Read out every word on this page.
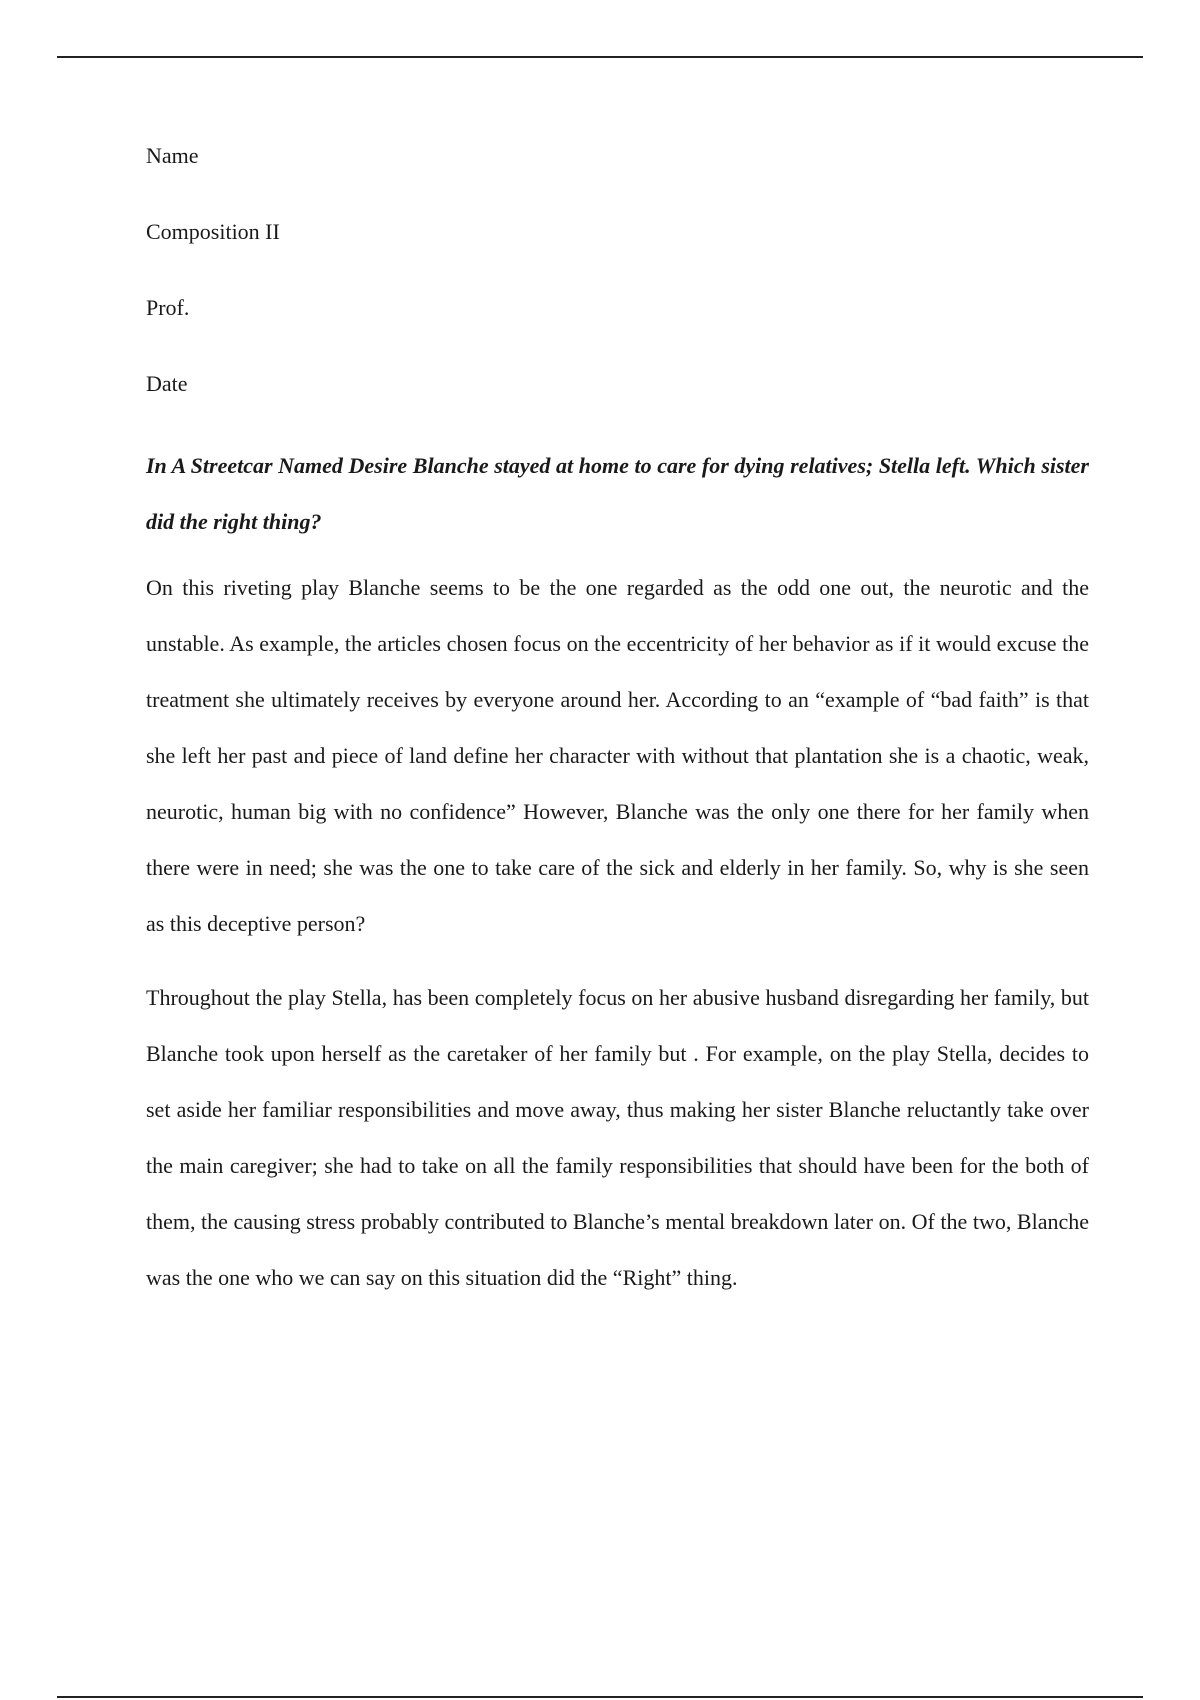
Name

Composition II

Prof.

Date

In A Streetcar Named Desire Blanche stayed at home to care for dying relatives; Stella left. Which sister did the right thing?

On this riveting play Blanche seems to be the one regarded as the odd one out, the neurotic and the unstable. As example, the articles chosen focus on the eccentricity of her behavior as if it would excuse the treatment she ultimately receives by everyone around her. According to an “example of “bad faith” is that she left her past and piece of land define her character with without that plantation she is a chaotic, weak, neurotic, human big with no confidence” However, Blanche was the only one there for her family when there were in need; she was the one to take care of the sick and elderly in her family. So, why is she seen as this deceptive person?

Throughout the play Stella, has been completely focus on her abusive husband disregarding her family, but Blanche took upon herself as the caretaker of her family but . For example, on the play Stella, decides to set aside her familiar responsibilities and move away, thus making her sister Blanche reluctantly take over the main caregiver; she had to take on all the family responsibilities that should have been for the both of them, the causing stress probably contributed to Blanche’s mental breakdown later on. Of the two, Blanche was the one who we can say on this situation did the “Right” thing.
